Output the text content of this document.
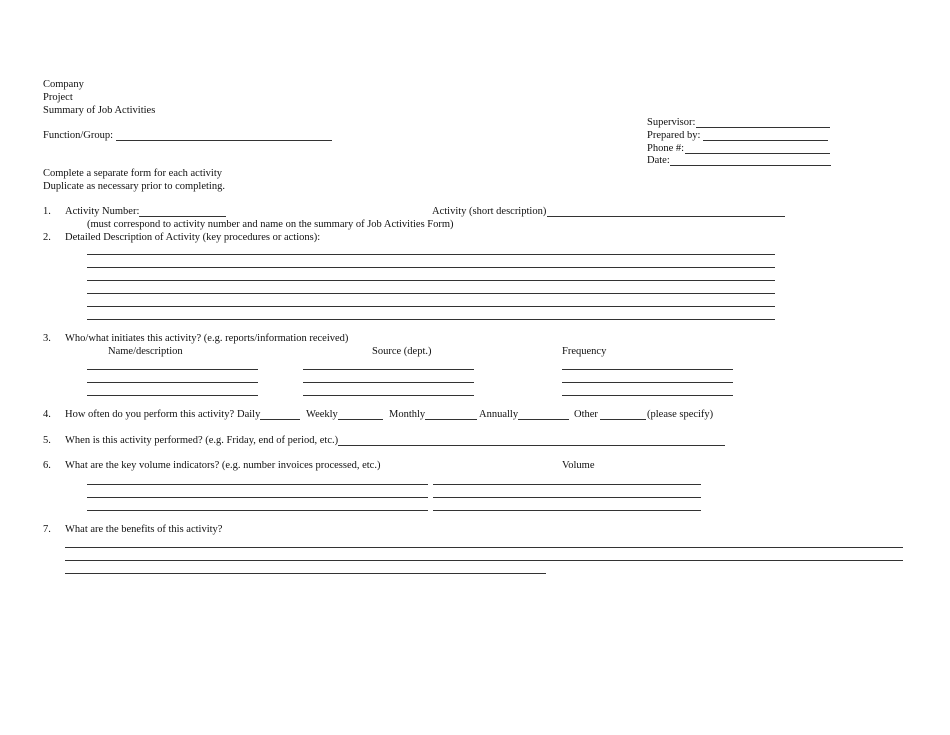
Company
Project
Summary of Job Activities
Function/Group:
Supervisor:
Prepared by:
Phone #:
Date:
Complete a separate form for each activity
Duplicate as necessary prior to completing.
1. Activity Number:	Activity (short description)
(must correspond to activity number and name on the summary of Job Activities Form)
2. Detailed Description of Activity (key procedures or actions):
3. Who/what initiates this activity? (e.g. reports/information received)
Name/description	Source (dept.)	Frequency
4. How often do you perform this activity? Daily	Weekly	Monthly	Annually	Other	(please specify)
5. When is this activity performed? (e.g. Friday, end of period, etc.)
6. What are the key volume indicators? (e.g. number invoices processed, etc.)	Volume
7. What are the benefits of this activity?
